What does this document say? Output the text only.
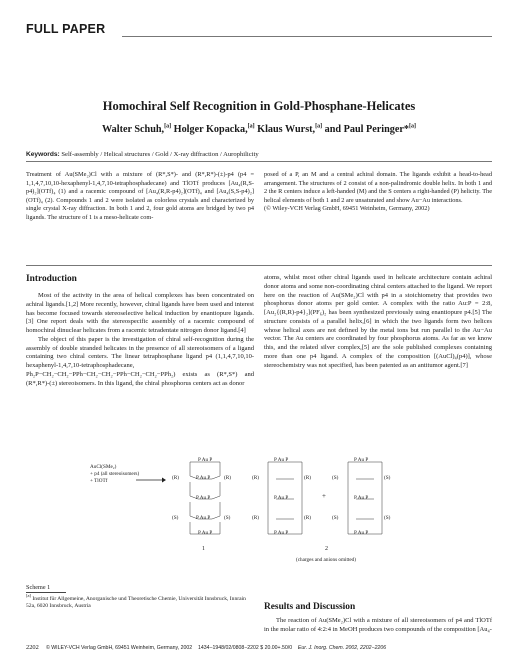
FULL PAPER
Homochiral Self Recognition in Gold-Phosphane-Helicates
Walter Schuh,[a] Holger Kopacka,[a] Klaus Wurst,[a] and Paul Peringer*[a]
Keywords: Self-assembly / Helical structures / Gold / X-ray diffraction / Aurophilicity
Treatment of Au(SMe₂)Cl with a mixture of (R*,S*)- and (R*,R*)-(±)-p4 (p4 = 1,1,4,7,10,10-hexaphenyl-1,4,7,10-tetraphosphadecane) and TlOTf produces [Au₄(R,S-p4)₂](OTf)₄ (1) and a racemic compound of [Au₄(R,R-p4)₂](OTf)₄ and [Au₄(S,S-p4)₂](OTf)₄ (2). Compounds 1 and 2 were isolated as colorless crystals and characterized by single crystal X-ray diffraction. In both 1 and 2, four gold atoms are bridged by two p4 ligands. The structure of 1 is a meso-helicate com-
posed of a P, an M and a central achiral domain. The ligands exhibit a head-to-head arrangement. The structures of 2 consist of a non-palindromic double helix. In both 1 and 2 the R centers induce a left-handed (M) and the S centers a right-handed (P) helicity. The helical elements of both 1 and 2 are unsaturated and show Au−Au interactions.
(© Wiley-VCH Verlag GmbH, 69451 Weinheim, Germany, 2002)
Introduction

Most of the activity in the area of helical complexes has been concentrated on achiral ligands.[1,2] More recently, however, chiral ligands have been used and interest has become focused towards stereoselective helical induction by enantiopure ligands.[3] One report deals with the stereospecific assembly of a racemic compound of homochiral dinuclear helicates from a racemic tetradentate nitrogen donor ligand.[4]

The object of this paper is the investigation of chiral self-recognition during the assembly of double stranded helicates in the presence of all stereoisomers of a ligand containing two chiral centers. The linear tetraphosphane ligand p4 (1,1,4,7,10,10-hexaphenyl-1,4,7,10-tetraphosphadecane, Ph₂P−CH₂−CH₂−PPh−CH₂−CH₂−PPh−CH₂−CH₂−PPh₂) exists as (R*,S*) and (R*,R*)-(±) stereoisomers. In this ligand, the chiral phosphorus centers act as donor

atoms, whilst most other chiral ligands used in helicate architecture contain achiral donor atoms and some non-coordinating chiral centers attached to the ligand. We report here on the reaction of Au(SMe₂)Cl with p4 in a stoichiometry that provides two phosphorus donor atoms per gold center. A complex with the ratio Au:P = 2:8, [Au₂{(R,R)-p4}₂](PF₆)₂ has been synthesized previously using enantiopure p4.[5] The structure consists of a parallel helix,[6] in which the two ligands form two helices whose helical axes are not defined by the metal ions but run parallel to the Au−Au vector. The Au centers are coordinated by four phosphorus atoms. As far as we know this, and the related silver complex,[5] are the sole published complexes containing more than one p4 ligand. A complex of the composition [(AuCl)₄(p4)], whose stereochemistry was not specified, has been patented as an antitumor agent.[7]

AuCl(SMe₂)
+ p4 (all stereoisomers)
+ TlOTf
P Au P
(R)	(R)
P Au P
P Au P
(S)	(S)
P Au P
P Au P
1
(R)	(R)
(R)	(R)
P Au P
P Au P
P Au P
+
(S)	(S)
(S)	(S)
P Au P
P Au P
P Au P
2
(charges and anions omitted)
Scheme 1
[a] Institut für Allgemeine, Anorganische und Theoretische Chemie, Universität Innsbruck, Innrain 52a, 6020 Innsbruck, Austria	Results and Discussion

The reaction of Au(SMe₂)Cl with a mixture of all stereoisomers of p4 and TlOTf in the molar ratio of 4:2:4 in MeOH produces two compounds of the composition [Au₄-

2202 © WILEY-VCH Verlag GmbH, 69451 Weinheim, Germany, 2002 1434−1948/02/0808−2202 $ 20.00+.50/0 Eur. J. Inorg. Chem. 2002, 2202−2206
